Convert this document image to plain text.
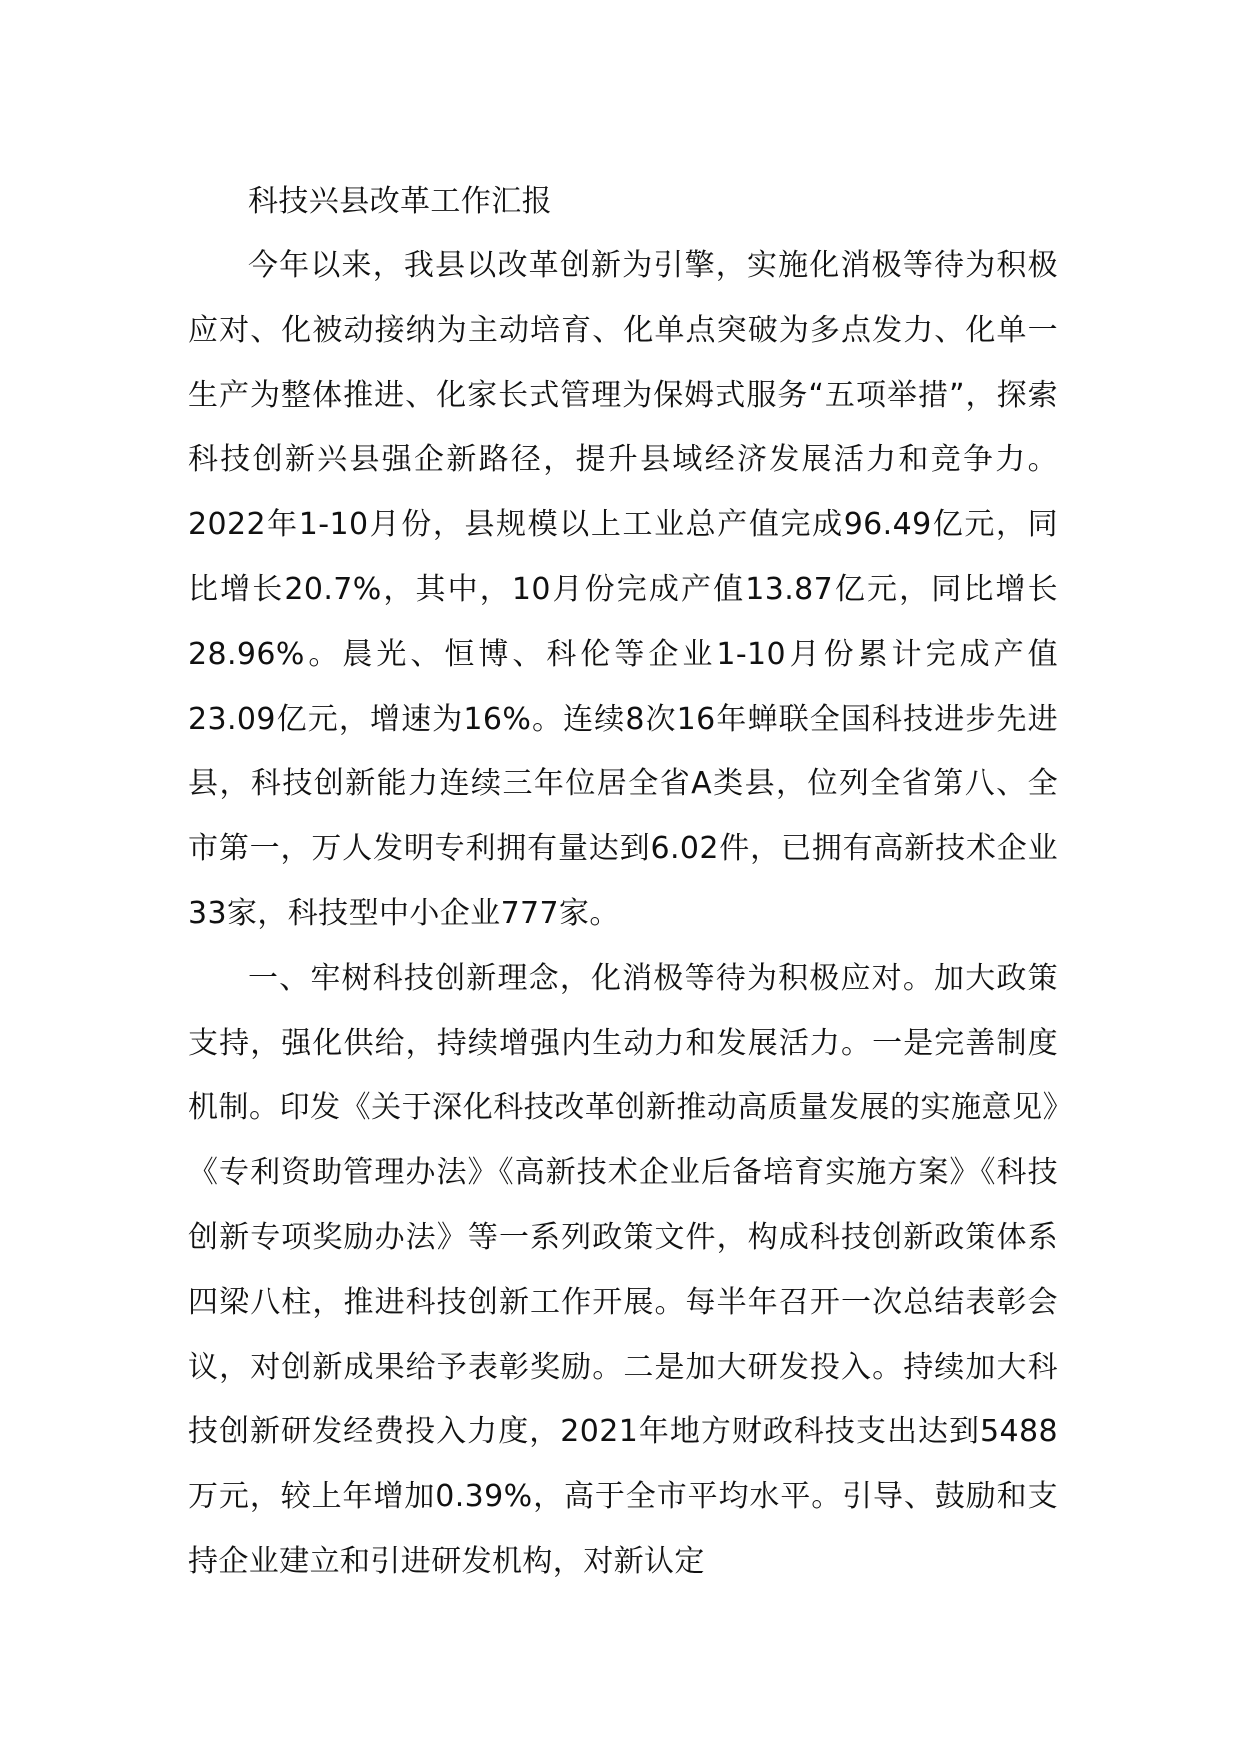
科技兴县改革工作汇报

今年以来，我县以改革创新为引擎，实施化消极等待为积极应对、化被动接纳为主动培育、化单点突破为多点发力、化单一生产为整体推进、化家长式管理为保姆式服务“五项举措”，探索科技创新兴县强企新路径，提升县域经济发展活力和竞争力。2022年1-10月份，县规模以上工业总产值完成96.49亿元，同比增长20.7%，其中，10月份完成产值13.87亿元，同比增长28.96%。晨光、恒博、科伦等企业1-10月份累计完成产值23.09亿元，增速为16%。连续8次16年蝉联全国科技进步先进县，科技创新能力连续三年位居全省A类县，位列全省第八、全市第一，万人发明专利拥有量达到6.02件，已拥有高新技术企业33家，科技型中小企业777家。

一、牢树科技创新理念，化消极等待为积极应对。加大政策支持，强化供给，持续增强内生动力和发展活力。一是完善制度机制。印发《关于深化科技改革创新推动高质量发展的实施意见》《专利资助管理办法》《高新技术企业后备培育实施方案》《科技创新专项奖励办法》等一系列政策文件，构成科技创新政策体系四梁八柱，推进科技创新工作开展。每半年召开一次总结表彰会议，对创新成果给予表彰奖励。二是加大研发投入。持续加大科技创新研发经费投入力度，2021年地方财政科技支出达到5488万元，较上年增加0.39%，高于全市平均水平。引导、鼓励和支持企业建立和引进研发机构，对新认定
